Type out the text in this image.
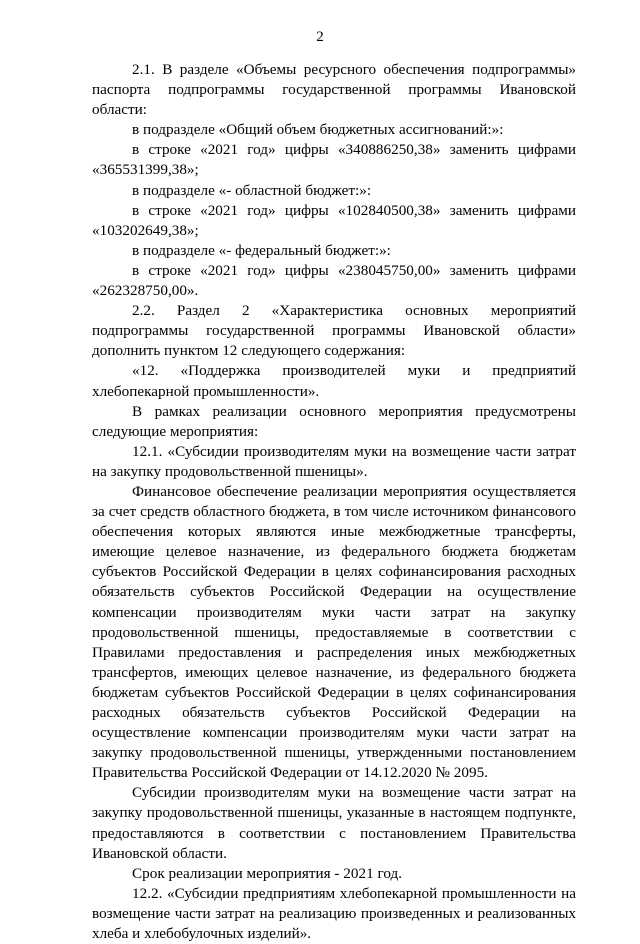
2

2.1. В разделе «Объемы ресурсного обеспечения подпрограммы» паспорта подпрограммы государственной программы Ивановской области:

в подразделе «Общий объем бюджетных ассигнований:»:

в строке «2021 год» цифры «340886250,38» заменить цифрами «365531399,38»;

в подразделе «- областной бюджет:»:

в строке «2021 год» цифры «102840500,38» заменить цифрами «103202649,38»;

в подразделе «- федеральный бюджет:»:

в строке «2021 год» цифры «238045750,00» заменить цифрами «262328750,00».

2.2. Раздел 2 «Характеристика основных мероприятий подпрограммы государственной программы Ивановской области» дополнить пунктом 12 следующего содержания:

«12. «Поддержка производителей муки и предприятий хлебопекарной промышленности».

В рамках реализации основного мероприятия предусмотрены следующие мероприятия:

12.1. «Субсидии производителям муки на возмещение части затрат на закупку продовольственной пшеницы».

Финансовое обеспечение реализации мероприятия осуществляется за счет средств областного бюджета, в том числе источником финансового обеспечения которых являются иные межбюджетные трансферты, имеющие целевое назначение, из федерального бюджета бюджетам субъектов Российской Федерации в целях софинансирования расходных обязательств субъектов Российской Федерации на осуществление компенсации производителям муки части затрат на закупку продовольственной пшеницы, предоставляемые в соответствии с Правилами предоставления и распределения иных межбюджетных трансфертов, имеющих целевое назначение, из федерального бюджета бюджетам субъектов Российской Федерации в целях софинансирования расходных обязательств субъектов Российской Федерации на осуществление компенсации производителям муки части затрат на закупку продовольственной пшеницы, утвержденными постановлением Правительства Российской Федерации от 14.12.2020 № 2095.

Субсидии производителям муки на возмещение части затрат на закупку продовольственной пшеницы, указанные в настоящем подпункте, предоставляются в соответствии с постановлением Правительства Ивановской области.

Срок реализации мероприятия - 2021 год.

12.2. «Субсидии предприятиям хлебопекарной промышленности на возмещение части затрат на реализацию произведенных и реализованных хлеба и хлебобулочных изделий».
